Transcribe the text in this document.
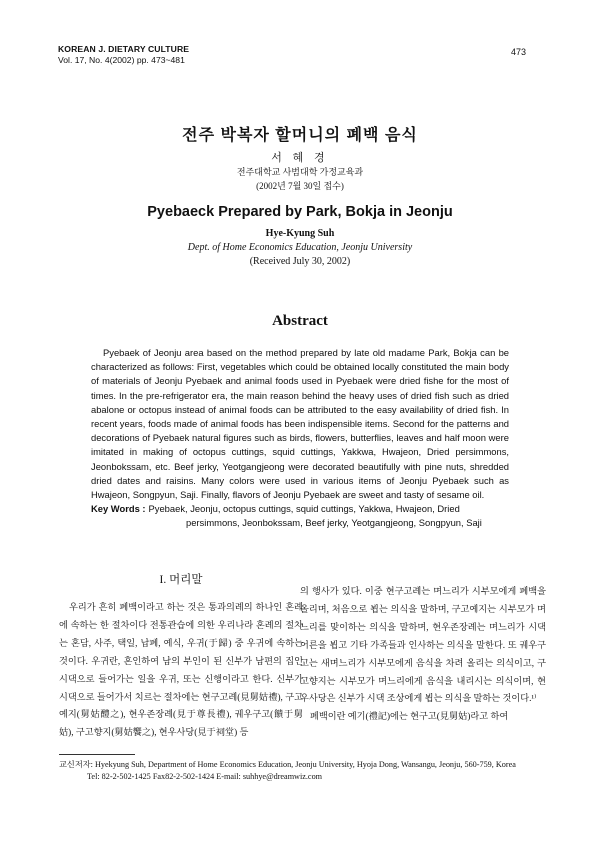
KOREAN J. DIETARY CULTURE
Vol. 17, No. 4(2002) pp. 473~481
473
전주 박복자 할머니의 폐백 음식
서 혜 경
전주대학교 사범대학 가정교육과
(2002년 7월 30일 접수)
Pyebaeck Prepared by Park, Bokja in Jeonju
Hye-Kyung Suh
Dept. of Home Economics Education, Jeonju University
(Received July 30, 2002)
Abstract
Pyebaek of Jeonju area based on the method prepared by late old madame Park, Bokja can be characterized as follows: First, vegetables which could be obtained locally constituted the main body of materials of Jeonju Pyebaek and animal foods used in Pyebaek were dried fishe for the most of times. In the pre-refrigerator era, the main reason behind the heavy uses of dried fish such as dried abalone or octopus instead of animal foods can be attributed to the easy availability of dried fish. In recent years, foods made of animal foods has been indispensible items. Second for the patterns and decorations of Pyebaek natural figures such as birds, flowers, butterflies, leaves and half moon were imitated in making of octopus cuttings, squid cuttings, Yakkwa, Hwajeon, Dried persimmons, Jeonbokssam, etc. Beef jerky, Yeotgangjeong were decorated beautifully with pine nuts, shredded dried dates and raisins. Many colors were used in various items of Jeonju Pyebaek such as Hwajeon, Songpyun, Saji. Finally, flavors of Jeonju Pyebaek are sweet and tasty of sesame oil.
Key Words : Pyebaek, Jeonju, octopus cuttings, squid cuttings, Yakkwa, Hwajeon, Dried persimmons, Jeonbokssam, Beef jerky, Yeotgangjeong, Songpyun, Saji
I. 머리말

우리가 흔히 폐백이라고 하는 것은 통과의례의 하나인 혼례에 속하는 한 절차이다 전통관습에 의한 우리나라 혼례의 절차는 혼담, 사주, 택일, 납폐, 예식, 우귀(于歸) 중 우귀에 속하는 것이다. 우귀란, 혼인하여 남의 부인이 된 신부가 남편의 집인 시댁으로 들어가는 일을 우귀, 또는 신행이라고 한다. 신부가 시댁으로 들어가서 치르는 절차에는 현구고례(見舅姑禮), 구고예지(舅姑醴之), 현우존장례(見于尊長禮), 궤우구고(饋于舅姑), 구고향지(舅姑饗之), 현우사당(見于祠堂) 등

의 행사가 있다. 이중 현구고례는 며느리가 시부모에게 폐백을 올리며, 처음으로 뵙는 의식을 말하며, 구고예지는 시부모가 며느리를 맞이하는 의식을 말하며, 현우존장례는 며느리가 시댁어른을 뵙고 기타 가족들과 인사하는 의식을 말한다. 또 궤우구고는 새며느리가 시부모에게 음식을 차려 올리는 의식이고, 구고향지는 시부모가 며느리에게 음식을 내리시는 의식이며, 현우사당은 신부가 시댁 조상에게 뵙는 의식을 말하는 것이다.¹⁾

폐백이란 예기(禮記)에는 현구고(見舅姑)라고 하여

교신저자: Hyekyung Suh, Department of Home Economics Education, Jeonju University, Hyoja Dong, Wansangu, Jeonju, 560-759, Korea
Tel: 82-2-502-1425 Fax82-2-502-1424 E-mail: suhhye@dreamwiz.com
